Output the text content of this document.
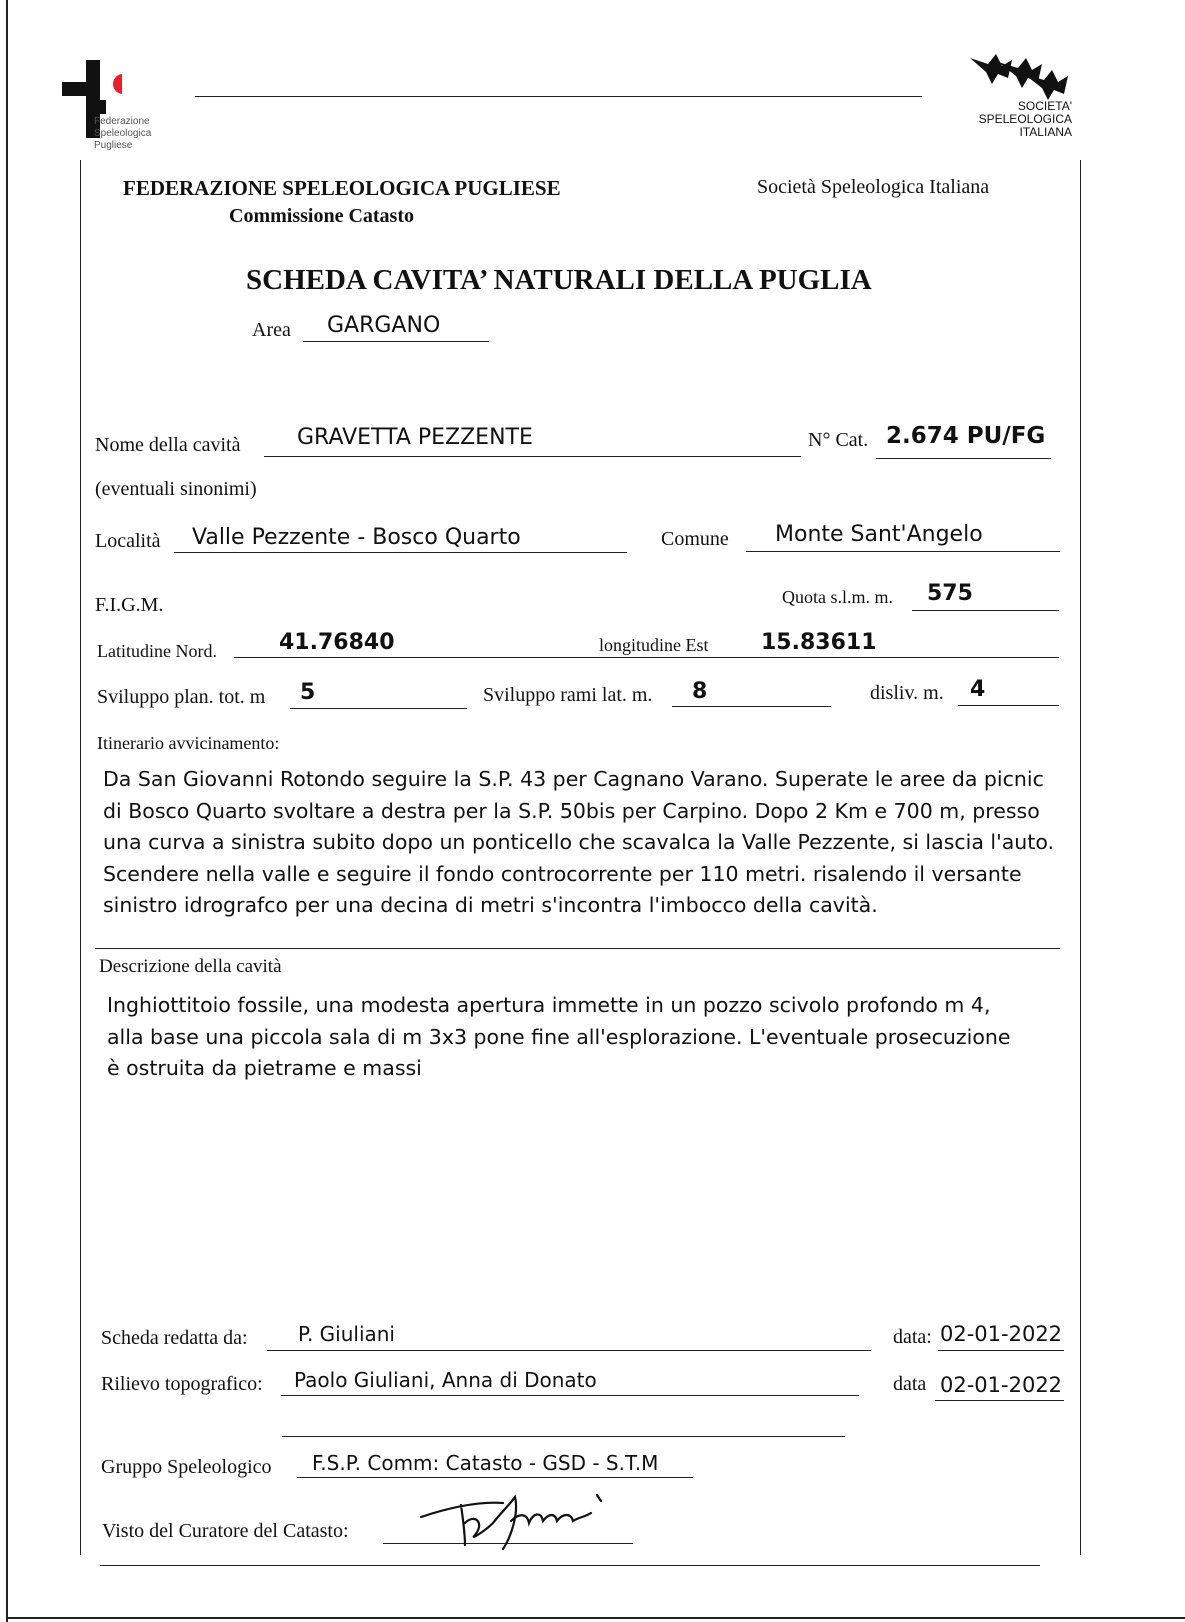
Federazione
Speleologica
Pugliese
SOCIETA'
SPELEOLOGICA
ITALIANA
FEDERAZIONE SPELEOLOGICA PUGLIESE
Commissione Catasto
Società Speleologica Italiana
SCHEDA CAVITA’ NATURALI DELLA PUGLIA
Area GARGANO
Nome della cavità	GRAVETTA PEZZENTE	N° Cat. 2.674 PU/FG
(eventuali sinonimi)
Località Valle Pezzente - Bosco Quarto	Comune Monte Sant'Angelo
F.I.G.M.	Quota s.l.m. m. 575
Latitudine Nord.	41.76840	longitudine Est 15.83611
Sviluppo plan. tot. m 5	Sviluppo rami lat. m. 8	disliv. m. 4
Itinerario avvicinamento:
Da San Giovanni Rotondo seguire la S.P. 43 per Cagnano Varano. Superate le aree da picnic
di Bosco Quarto svoltare a destra per la S.P. 50bis per Carpino. Dopo 2 Km e 700 m, presso
una curva a sinistra subito dopo un ponticello che scavalca la Valle Pezzente, si lascia l'auto.
Scendere nella valle e seguire il fondo controcorrente per 110 metri. risalendo il versante
sinistro idrografco per una decina di metri s'incontra l'imbocco della cavità.
Descrizione della cavità
Inghiottitoio fossile, una modesta apertura immette in un pozzo scivolo profondo m 4,
alla base una piccola sala di m 3x3 pone fine all'esplorazione. L'eventuale prosecuzione
è ostruita da pietrame e massi
Scheda redatta da:	P. Giuliani	data: 02-01-2022
Rilievo topografico: Paolo Giuliani, Anna di Donato	data 02-01-2022
Gruppo Speleologico F.S.P. Comm: Catasto - GSD - S.T.M
Visto del Curatore del Catasto:
